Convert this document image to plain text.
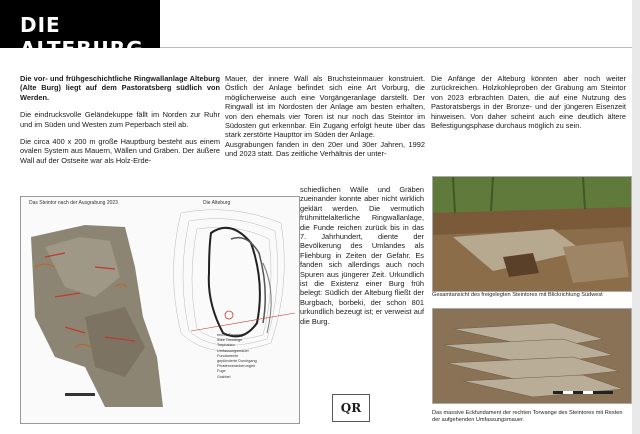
DIE ALTEBURG

Die vor- und frühgeschichtliche Ringwallanlage Alteburg (Alte Burg) liegt auf dem Pastoratsberg südlich von Werden.

Die eindrucksvolle Geländekuppe fällt im Norden zur Ruhr und im Süden und Westen zum Peperbach steil ab.

Die circa 400 x 200 m große Hauptburg besteht aus einem ovalen System aus Mauern, Wällen und Gräben. Der äußere Wall auf der Ostseite war als Holz-Erde-

Mauer, der innere Wall als Bruchsteinmauer konstruiert. Östlich der Anlage befindet sich eine Art Vorburg, die möglicherweise auch eine Vorgängeranlage darstellt. Der Ringwall ist im Nordosten der Anlage am besten erhalten, von den ehemals vier Toren ist nur noch das Steintor im Südosten gut erkennbar. Ein Zugang erfolgt heute über das stark zerstörte Haupttor im Süden der Anlage.

Ausgrabungen fanden in den 20er und 30er Jahren, 1992 und 2023 statt. Das zeitliche Verhältnis der unter-

schiedlichen Wälle und Gräben zueinander konnte aber nicht wirklich geklärt werden. Die vermutlich frühmittelalterliche Ringwallanlage, die Funde reichen zurück bis in das 7. Jahrhundert, diente der Bevölkerung des Umlandes als Fliehburg in Zeiten der Gefahr. Es fanden sich allerdings auch noch Spuren aus jüngerer Zeit. Urkundlich ist die Existenz einer Burg früh belegt: Südlich der Alteburg fließt der Burgbach, borbeki, der schon 801 urkundlich bezeugt ist; er verweist auf die Burg.

Die Anfänge der Alteburg könnten aber noch weiter zurückreichen. Holzkohleproben der Grabung am Steintor von 2023 erbrachten Daten, die auf eine Nutzung des Pastoratsbergs in der Bronze- und der jüngeren Eisenzeit hinweisen. Von daher scheint auch eine deutlich ältere Befestigungsphase durchaus möglich zu sein.

Das Steintor nach der Ausgrabung 2023	Die Alteburg
rechte Torwange
linke Torwange
Torpfosten
Umfassungsmauer
Fundamente
geplünderte Durchgang
Pfostenverankerungen
Fuge
Grabbei
QR
Gesamtansicht des freigelegten Steintores mit Blickrichtung Südwest
Das massive Eckfundament der rechten Torwange des Steintores mit Resten der aufgehenden Umfassungsmauer.
